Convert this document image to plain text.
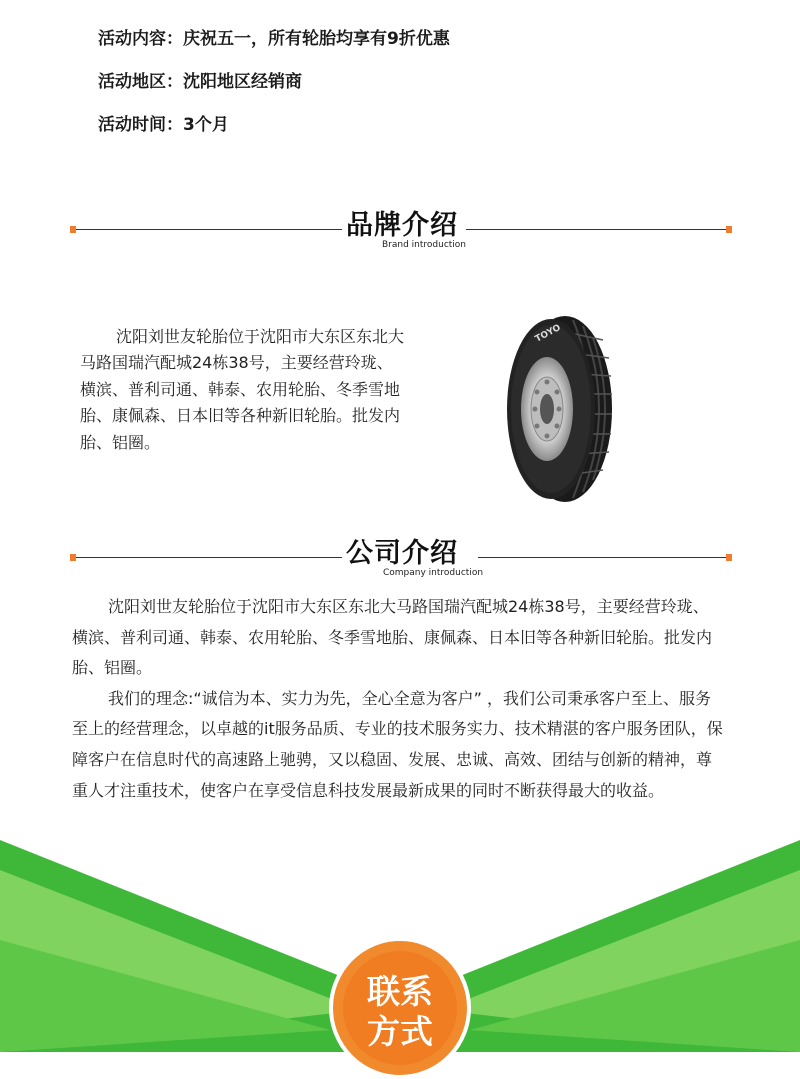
活动内容：庆祝五一，所有轮胎均享有9折优惠
活动地区：沈阳地区经销商
活动时间：3个月
品牌介绍
Brand introduction
沈阳刘世友轮胎位于沈阳市大东区东北大马路国瑞汽配城24栋38号，主要经营玲珑、横滨、普利司通、韩泰、农用轮胎、冬季雪地胎、康佩森、日本旧等各种新旧轮胎。批发内胎、铝圈。
TOYO
公司介绍
Company introduction

沈阳刘世友轮胎位于沈阳市大东区东北大马路国瑞汽配城24栋38号，主要经营玲珑、横滨、普利司通、韩泰、农用轮胎、冬季雪地胎、康佩森、日本旧等各种新旧轮胎。批发内胎、铝圈。

我们的理念:“诚信为本、实力为先，全心全意为客户” ，我们公司秉承客户至上、服务至上的经营理念，以卓越的it服务品质、专业的技术服务实力、技术精湛的客户服务团队，保障客户在信息时代的高速路上驰骋，又以稳固、发展、忠诚、高效、团结与创新的精神，尊重人才注重技术，使客户在享受信息科技发展最新成果的同时不断获得最大的收益。

联系
方式
